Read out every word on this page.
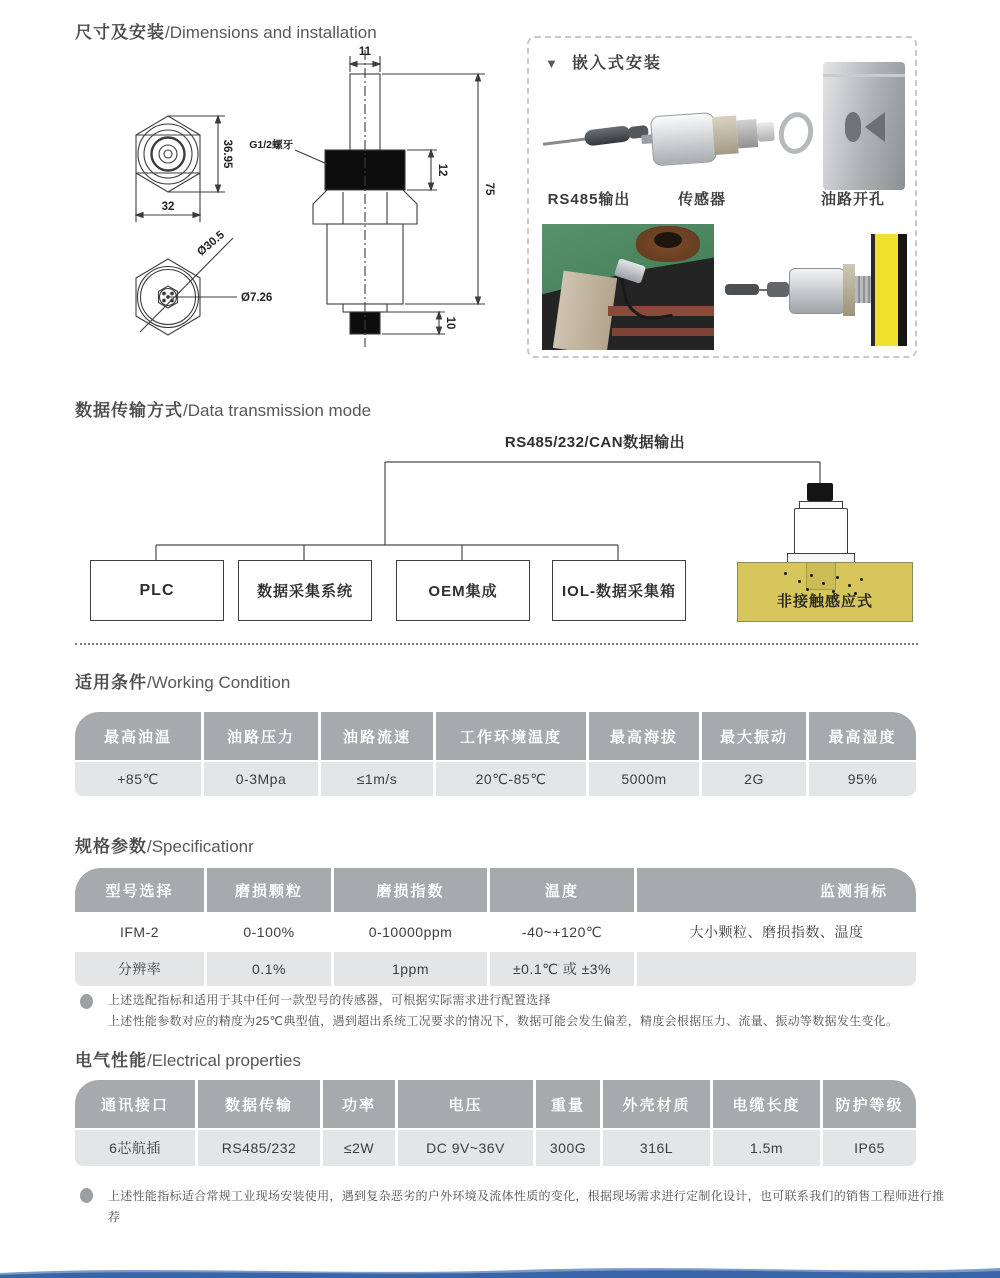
尺寸及安装/Dimensions and installation
32
36.95
Ø30.5
Ø7.26
11
G1/2螺牙
12
75
10
▼ 嵌入式安装
RS485输出	传感器	油路开孔
数据传输方式/Data transmission mode
RS485/232/CAN数据输出
PLC	数据采集系统	OEM集成	IOL-数据采集箱
非接触感应式
适用条件/Working Condition
最高油温	油路压力	油路流速	工作环境温度	最高海拔	最大振动	最高湿度
+85℃	0-3Mpa	≤1m/s	20℃-85℃	5000m	2G	95%
规格参数/Specificationr
型号选择	磨损颗粒	磨损指数	温度	监测指标
IFM-2	0-100%	0-10000ppm	-40~+120℃	大小颗粒、磨损指数、温度
分辨率	0.1%	1ppm	±0.1℃ 或 ±3%
上述选配指标和适用于其中任何一款型号的传感器，可根据实际需求进行配置选择
上述性能参数对应的精度为25℃典型值，遇到超出系统工况要求的情况下，数据可能会发生偏差，精度会根据压力、流量、振动等数据发生变化。
电气性能/Electrical properties
通讯接口	数据传输	功率	电压	重量	外壳材质	电缆长度	防护等级
6芯航插	RS485/232	≤2W	DC 9V~36V	300G	316L	1.5m	IP65
上述性能指标适合常规工业现场安装使用，遇到复杂恶劣的户外环境及流体性质的变化，根据现场需求进行定制化设计，也可联系我们的销售工程师进行推荐
